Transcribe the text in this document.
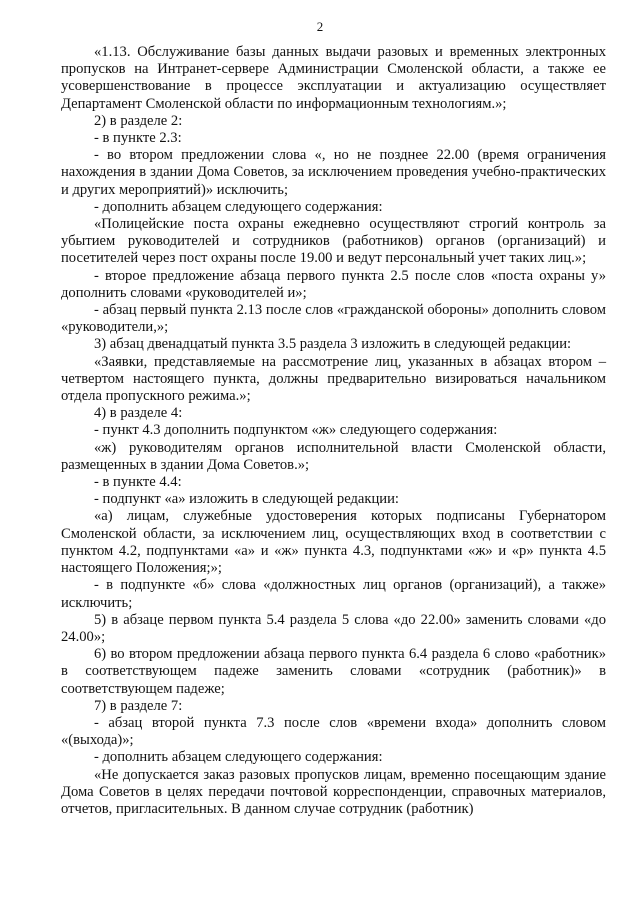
2

«1.13. Обслуживание базы данных выдачи разовых и временных электронных пропусков на Интранет-сервере Администрации Смоленской области, а также ее усовершенствование в процессе эксплуатации и актуализацию осуществляет Департамент Смоленской области по информационным технологиям.»;

2) в разделе 2:

- в пункте 2.3:

- во втором предложении слова «, но не позднее 22.00 (время ограничения нахождения в здании Дома Советов, за исключением проведения учебно-практических и других мероприятий)» исключить;

- дополнить абзацем следующего содержания:

«Полицейские поста охраны ежедневно осуществляют строгий контроль за убытием руководителей и сотрудников (работников) органов (организаций) и посетителей через пост охраны после 19.00 и ведут персональный учет таких лиц.»;

- второе предложение абзаца первого пункта 2.5 после слов «поста охраны у» дополнить словами «руководителей и»;

- абзац первый пункта 2.13 после слов «гражданской обороны» дополнить словом «руководители,»;

3) абзац двенадцатый пункта 3.5 раздела 3 изложить в следующей редакции:

«Заявки, представляемые на рассмотрение лиц, указанных в абзацах втором – четвертом настоящего пункта, должны предварительно визироваться начальником отдела пропускного режима.»;

4) в разделе 4:

- пункт 4.3 дополнить подпунктом «ж» следующего содержания:

«ж) руководителям органов исполнительной власти Смоленской области, размещенных в здании Дома Советов.»;

- в пункте 4.4:

- подпункт «а» изложить в следующей редакции:

«а) лицам, служебные удостоверения которых подписаны Губернатором Смоленской области, за исключением лиц, осуществляющих вход в соответствии с пунктом 4.2, подпунктами «а» и «ж» пункта 4.3, подпунктами «ж» и «р» пункта 4.5 настоящего Положения;»;

- в подпункте «б» слова «должностных лиц органов (организаций), а также» исключить;

5) в абзаце первом пункта 5.4 раздела 5 слова «до 22.00» заменить словами «до 24.00»;

6) во втором предложении абзаца первого пункта 6.4 раздела 6 слово «работник» в соответствующем падеже заменить словами «сотрудник (работник)» в соответствующем падеже;

7) в разделе 7:

- абзац второй пункта 7.3 после слов «времени входа» дополнить словом «(выхода)»;

- дополнить абзацем следующего содержания:

«Не допускается заказ разовых пропусков лицам, временно посещающим здание Дома Советов в целях передачи почтовой корреспонденции, справочных материалов, отчетов, пригласительных. В данном случае сотрудник (работник)
